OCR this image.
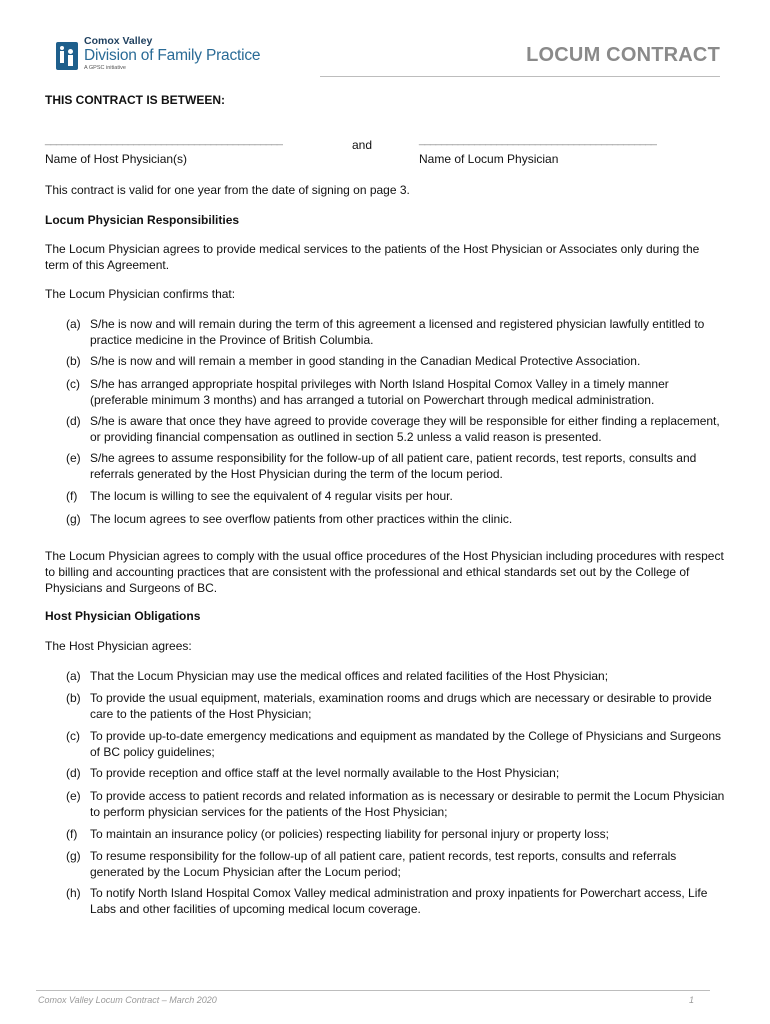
Comox Valley
Division of Family Practice
A GPSC initiative
LOCUM CONTRACT
THIS CONTRACT IS BETWEEN:
___________________________________________	and	___________________________________________
Name of Host Physician(s)	Name of Locum Physician
This contract is valid for one year from the date of signing on page 3.
Locum Physician Responsibilities
The Locum Physician agrees to provide medical services to the patients of the Host Physician or Associates only during the term of this Agreement.
The Locum Physician confirms that:
(a) S/he is now and will remain during the term of this agreement a licensed and registered physician lawfully entitled to practice medicine in the Province of British Columbia.
(b) S/he is now and will remain a member in good standing in the Canadian Medical Protective Association.
(c) S/he has arranged appropriate hospital privileges with North Island Hospital Comox Valley in a timely manner (preferable minimum 3 months) and has arranged a tutorial on Powerchart through medical administration.
(d) S/he is aware that once they have agreed to provide coverage they will be responsible for either finding a replacement, or providing financial compensation as outlined in section 5.2 unless a valid reason is presented.
(e) S/he agrees to assume responsibility for the follow-up of all patient care, patient records, test reports, consults and referrals generated by the Host Physician during the term of the locum period.
(f) The locum is willing to see the equivalent of 4 regular visits per hour.
(g) The locum agrees to see overflow patients from other practices within the clinic.
The Locum Physician agrees to comply with the usual office procedures of the Host Physician including procedures with respect to billing and accounting practices that are consistent with the professional and ethical standards set out by the College of Physicians and Surgeons of BC.
Host Physician Obligations
The Host Physician agrees:
(a) That the Locum Physician may use the medical offices and related facilities of the Host Physician;
(b) To provide the usual equipment, materials, examination rooms and drugs which are necessary or desirable to provide care to the patients of the Host Physician;
(c) To provide up-to-date emergency medications and equipment as mandated by the College of Physicians and Surgeons of BC policy guidelines;
(d) To provide reception and office staff at the level normally available to the Host Physician;
(e) To provide access to patient records and related information as is necessary or desirable to permit the Locum Physician to perform physician services for the patients of the Host Physician;
(f) To maintain an insurance policy (or policies) respecting liability for personal injury or property loss;
(g) To resume responsibility for the follow-up of all patient care, patient records, test reports, consults and referrals generated by the Locum Physician after the Locum period;
(h) To notify North Island Hospital Comox Valley medical administration and proxy inpatients for Powerchart access, Life Labs and other facilities of upcoming medical locum coverage.
Comox Valley Locum Contract – March 2020	1
